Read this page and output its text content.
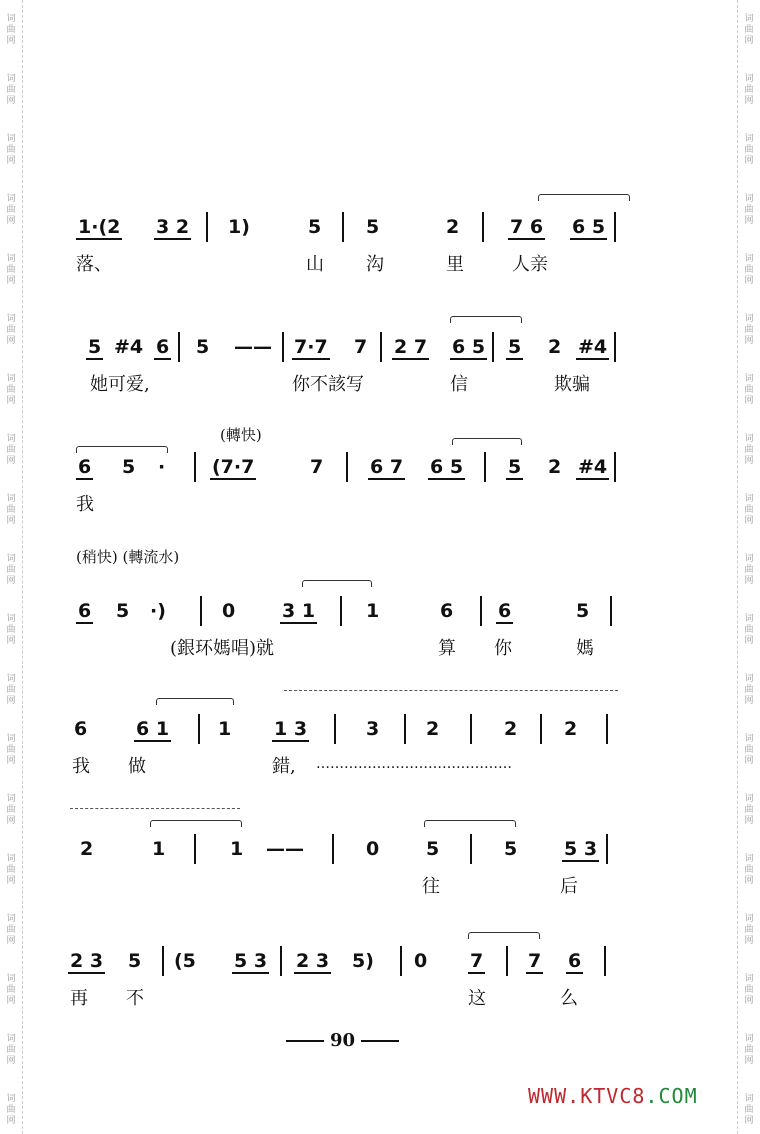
词
曲
网
词
曲
网
词
曲
网
词
曲
网
词
曲
网
词
曲
网
词
曲
网
词
曲
网
词
曲
网
词
曲
网
词
曲
网
词
曲
网
词
曲
网
词
曲
网
词
曲
网
词
曲
网
词
曲
网
词
曲
网
词
曲
网
词
曲
网
词
曲
网
词
曲
网
词
曲
网
词
曲
网
词
曲
网
词
曲
网
词
曲
网
词
曲
网
词
曲
网
词
曲
网
词
曲
网
词
曲
网
词
曲
网
词
曲
网
词
曲
网
词
曲
网
词
曲
网
词
曲
网
1·(2 3 2 1)	5 5	2	7 6 6 5
落、	山 沟	里	人亲
5 #4 6 5 —— 7·7 7 2 7 6 5 5 2 #4
她可爱,	你不該写	信	欺骗
(轉快)
6 5 · (7·7	7 6 7 6 5 5 2 #4
我
(稍快) (轉流水)
6 5 ·)	0 3 1	1	6 6	5
(銀环媽唱)就	算 你	媽
6	6 1	1 1 3	3 2	2 2
我 做	錯, ……………………………………
2	1	1 ——	0 5	5 5 3
往	后
2 3 5 (5 5 3 2 3 5) 0 7 7 6
再 不	这	么
90
WWW.KTVC8.COM
